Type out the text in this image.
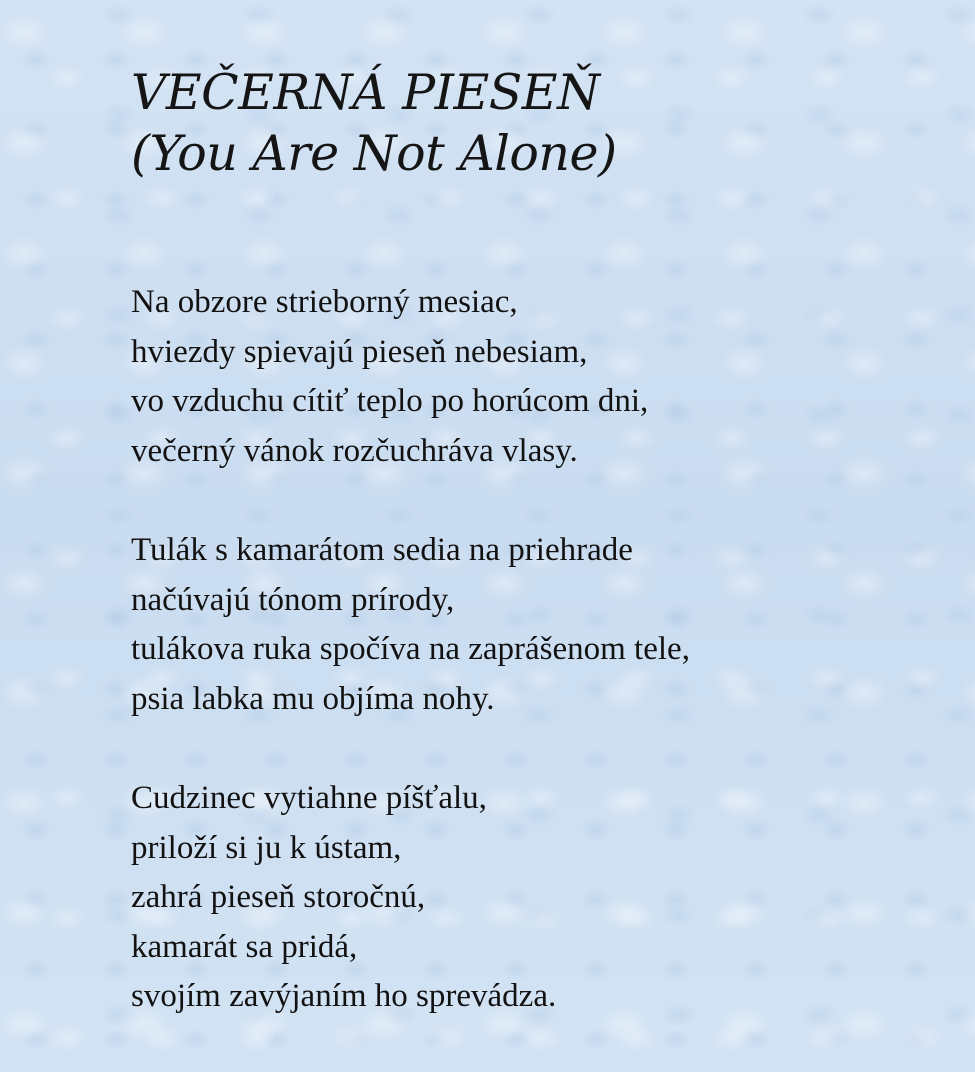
VEČERNÁ PIESEŇ
(You Are Not Alone)
Na obzore strieborný mesiac,
hviezdy spievajú pieseň nebesiam,
vo vzduchu cítiť teplo po horúcom dni,
večerný vánok rozčuchráva vlasy.
Tulák s kamarátom sedia na priehrade
načúvajú tónom prírody,
tulákova ruka spočíva na zaprášenom tele,
psia labka mu objíma nohy.
Cudzinec vytiahne píšťalu,
priloží si ju k ústam,
zahrá pieseň storočnú,
kamarát sa pridá,
svojím zavýjaním ho sprevádza.
